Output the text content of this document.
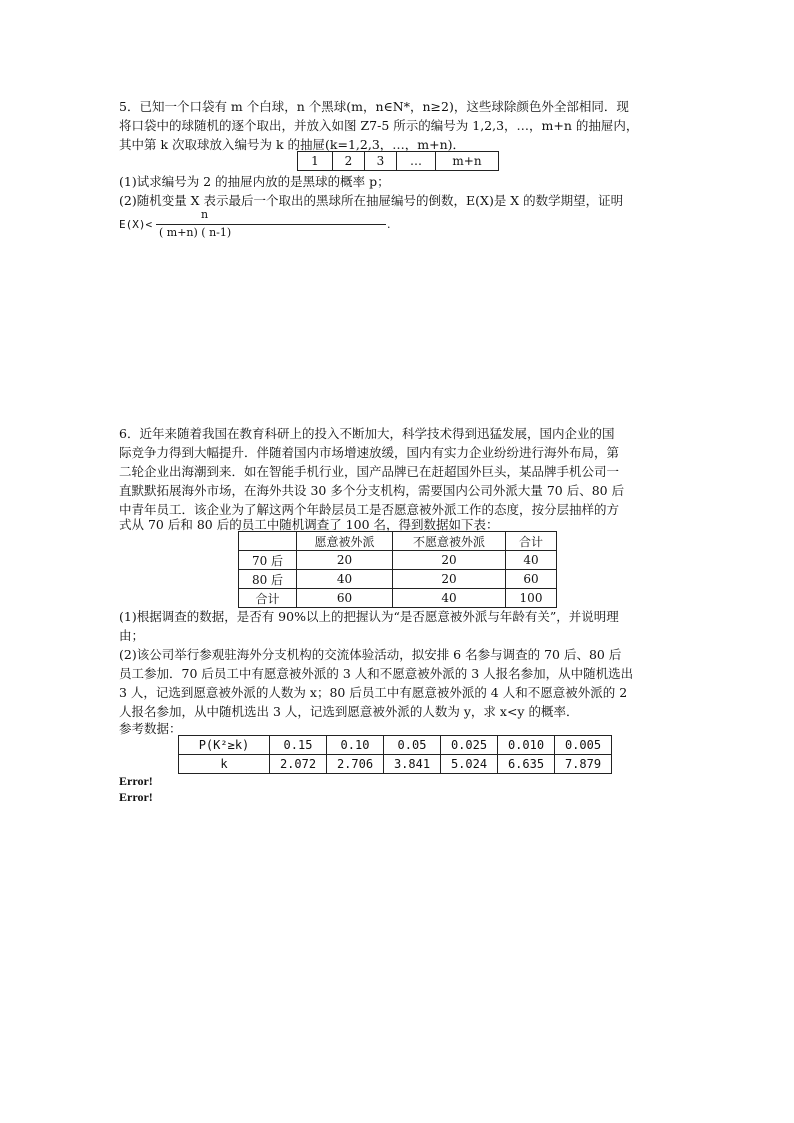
5．已知一个口袋有 m 个白球，n 个黑球(m，n∈N*，n≥2)，这些球除颜色外全部相同．现
将口袋中的球随机的逐个取出，并放入如图 Z7-5 所示的编号为 1,2,3，…，m+n 的抽屉内，
其中第 k 次取球放入编号为 k 的抽屉(k=1,2,3，…，m+n)．
1	2	3	…	m+n
(1)试求编号为 2 的抽屉内放的是黑球的概率 p；
(2)随机变量 X 表示最后一个取出的黑球所在抽屉编号的倒数，E(X)是 X 的数学期望，证明
E(X)<
n
( m+n) ( n-1)
.
6．近年来随着我国在教育科研上的投入不断加大，科学技术得到迅猛发展，国内企业的国
际竞争力得到大幅提升．伴随着国内市场增速放缓，国内有实力企业纷纷进行海外布局，第
二轮企业出海潮到来．如在智能手机行业，国产品牌已在赶超国外巨头，某品牌手机公司一
直默默拓展海外市场，在海外共设 30 多个分支机构，需要国内公司外派大量 70 后、80 后
中青年员工．该企业为了解这两个年龄层员工是否愿意被外派工作的态度，按分层抽样的方
式从 70 后和 80 后的员工中随机调查了 100 名，得到数据如下表：
	愿意被外派	不愿意被外派	合计
70 后	20	20	40
80 后	40	20	60
合计	60	40	100
(1)根据调查的数据，是否有 90%以上的把握认为“是否愿意被外派与年龄有关”，并说明理
由；
(2)该公司举行参观驻海外分支机构的交流体验活动，拟安排 6 名参与调查的 70 后、80 后
员工参加．70 后员工中有愿意被外派的 3 人和不愿意被外派的 3 人报名参加，从中随机选出
3 人，记选到愿意被外派的人数为 x；80 后员工中有愿意被外派的 4 人和不愿意被外派的 2
人报名参加，从中随机选出 3 人，记选到愿意被外派的人数为 y，求 x<y 的概率．
参考数据：
P(K²≥k)	0.15	0.10	0.05	0.025	0.010	0.005
k	2.072	2.706	3.841	5.024	6.635	7.879
Error!
Error!
